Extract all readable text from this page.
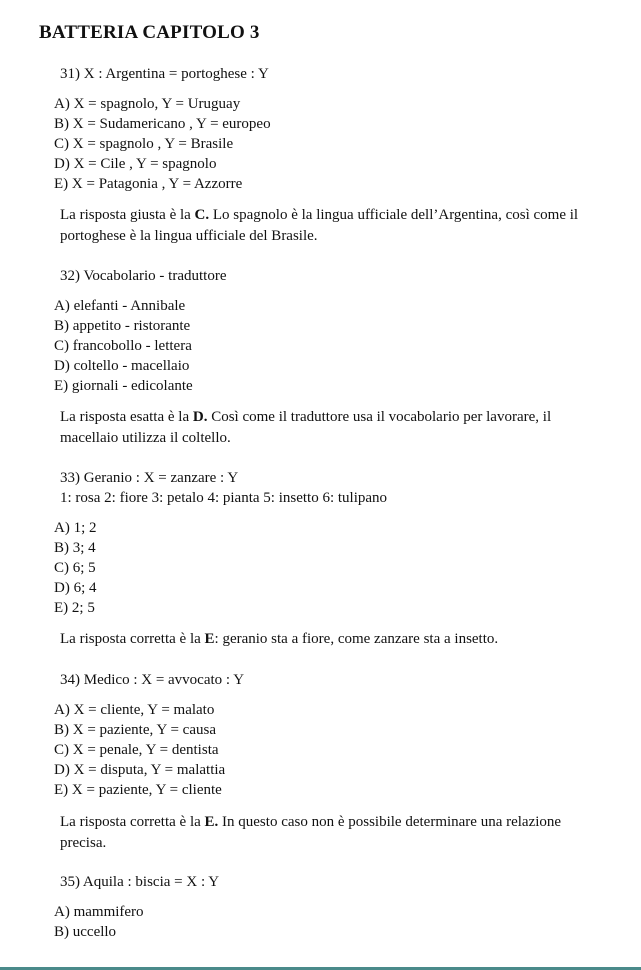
BATTERIA CAPITOLO 3
31) X : Argentina = portoghese : Y
A) X = spagnolo, Y = Uruguay
B) X = Sudamericano , Y = europeo
C) X = spagnolo , Y = Brasile
D) X = Cile , Y = spagnolo
E) X = Patagonia , Y = Azzorre
La risposta giusta è la C. Lo spagnolo è la lingua ufficiale dell’Argentina, così come il portoghese è la lingua ufficiale del Brasile.
32) Vocabolario - traduttore
A) elefanti - Annibale
B) appetito - ristorante
C) francobollo - lettera
D) coltello - macellaio
E) giornali - edicolante
La risposta esatta è la D. Così come il traduttore usa il vocabolario per lavorare, il macellaio utilizza il coltello.
33) Geranio : X = zanzare : Y
1: rosa 2: fiore 3: petalo 4: pianta 5: insetto 6: tulipano
A) 1; 2
B) 3; 4
C) 6; 5
D) 6; 4
E) 2; 5
La risposta corretta è la E: geranio sta a fiore, come zanzare sta a insetto.
34) Medico : X = avvocato : Y
A) X = cliente, Y = malato
B) X = paziente, Y = causa
C) X = penale, Y = dentista
D) X = disputa, Y = malattia
E) X = paziente, Y = cliente
La risposta corretta è la E. In questo caso non è possibile determinare una relazione precisa.
35) Aquila : biscia = X : Y
A) mammifero
B) uccello
